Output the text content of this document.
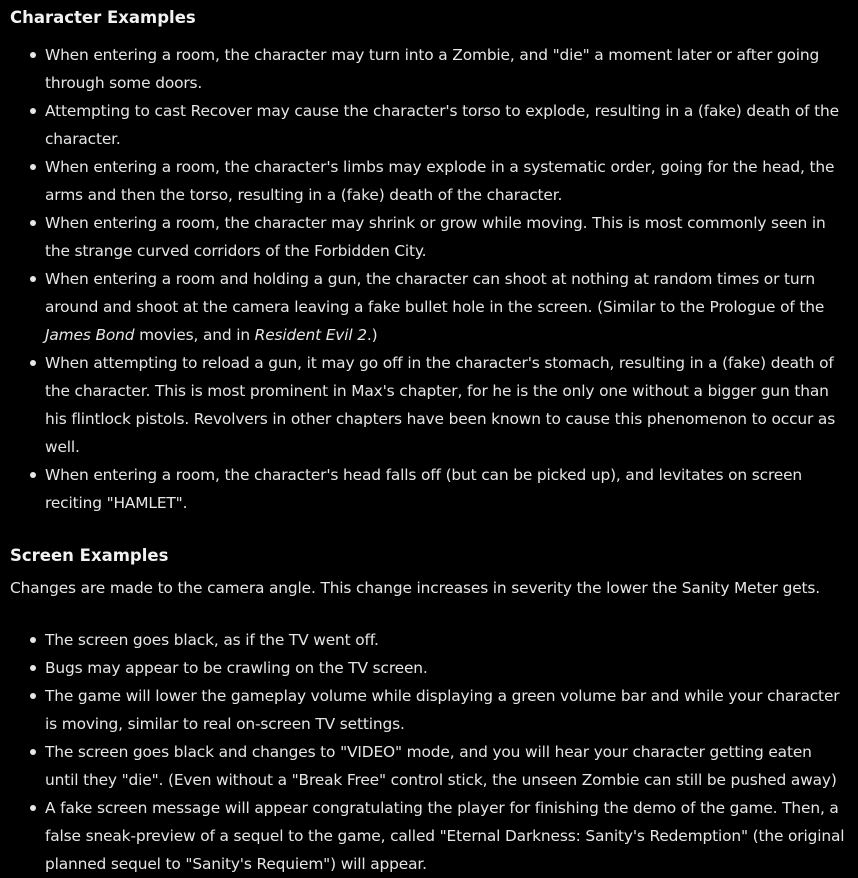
Character Examples
When entering a room, the character may turn into a Zombie, and "die" a moment later or after going through some doors.
Attempting to cast Recover may cause the character's torso to explode, resulting in a (fake) death of the character.
When entering a room, the character's limbs may explode in a systematic order, going for the head, the arms and then the torso, resulting in a (fake) death of the character.
When entering a room, the character may shrink or grow while moving. This is most commonly seen in the strange curved corridors of the Forbidden City.
When entering a room and holding a gun, the character can shoot at nothing at random times or turn around and shoot at the camera leaving a fake bullet hole in the screen. (Similar to the Prologue of the James Bond movies, and in Resident Evil 2.)
When attempting to reload a gun, it may go off in the character's stomach, resulting in a (fake) death of the character. This is most prominent in Max's chapter, for he is the only one without a bigger gun than his flintlock pistols. Revolvers in other chapters have been known to cause this phenomenon to occur as well.
When entering a room, the character's head falls off (but can be picked up), and levitates on screen reciting "HAMLET".
Screen Examples

Changes are made to the camera angle. This change increases in severity the lower the Sanity Meter gets.

The screen goes black, as if the TV went off.
Bugs may appear to be crawling on the TV screen.
The game will lower the gameplay volume while displaying a green volume bar and while your character is moving, similar to real on-screen TV settings.
The screen goes black and changes to "VIDEO" mode, and you will hear your character getting eaten until they "die". (Even without a "Break Free" control stick, the unseen Zombie can still be pushed away)
A fake screen message will appear congratulating the player for finishing the demo of the game. Then, a false sneak-preview of a sequel to the game, called "Eternal Darkness: Sanity's Redemption" (the original planned sequel to "Sanity's Requiem") will appear.
